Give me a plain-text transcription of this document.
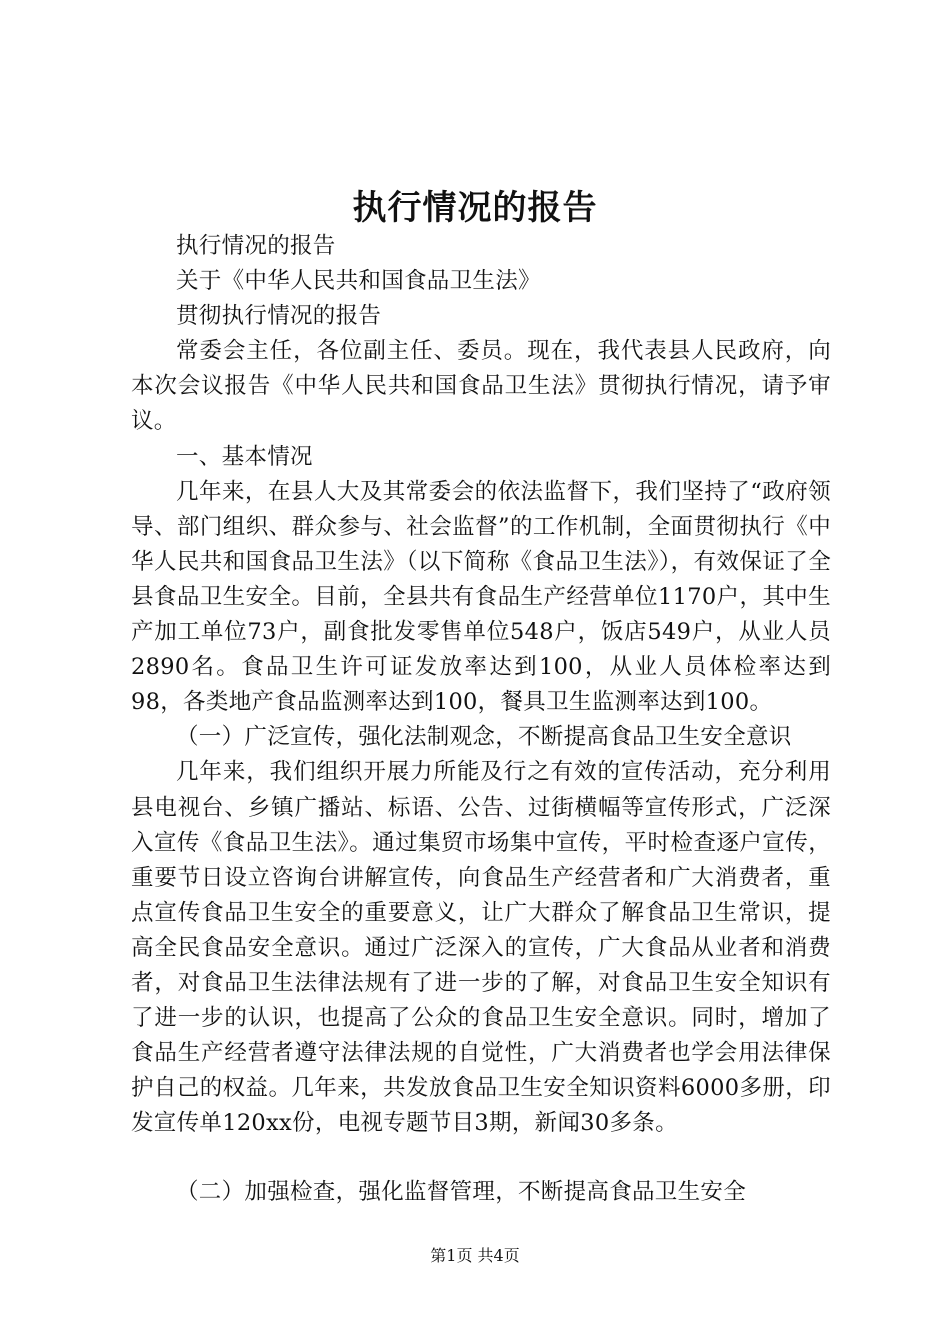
执行情况的报告

执行情况的报告

关于《中华人民共和国食品卫生法》

贯彻执行情况的报告

常委会主任，各位副主任、委员。现在，我代表县人民政府，向本次会议报告《中华人民共和国食品卫生法》贯彻执行情况，请予审议。

一、基本情况

几年来，在县人大及其常委会的依法监督下，我们坚持了“政府领导、部门组织、群众参与、社会监督”的工作机制，全面贯彻执行《中华人民共和国食品卫生法》（以下简称《食品卫生法》），有效保证了全县食品卫生安全。目前，全县共有食品生产经营单位1170户，其中生产加工单位73户，副食批发零售单位548户，饭店549户，从业人员2890名。食品卫生许可证发放率达到100，从业人员体检率达到98，各类地产食品监测率达到100，餐具卫生监测率达到100。

（一）广泛宣传，强化法制观念，不断提高食品卫生安全意识

几年来，我们组织开展力所能及行之有效的宣传活动，充分利用县电视台、乡镇广播站、标语、公告、过街横幅等宣传形式，广泛深入宣传《食品卫生法》。通过集贸市场集中宣传，平时检查逐户宣传，重要节日设立咨询台讲解宣传，向食品生产经营者和广大消费者，重点宣传食品卫生安全的重要意义，让广大群众了解食品卫生常识，提高全民食品安全意识。通过广泛深入的宣传，广大食品从业者和消费者，对食品卫生法律法规有了进一步的了解，对食品卫生安全知识有了进一步的认识，也提高了公众的食品卫生安全意识。同时，增加了食品生产经营者遵守法律法规的自觉性，广大消费者也学会用法律保护自己的权益。几年来，共发放食品卫生安全知识资料6000多册，印发宣传单120xx份，电视专题节目3期，新闻30多条。

（二）加强检查，强化监督管理，不断提高食品卫生安全

第1页 共4页
